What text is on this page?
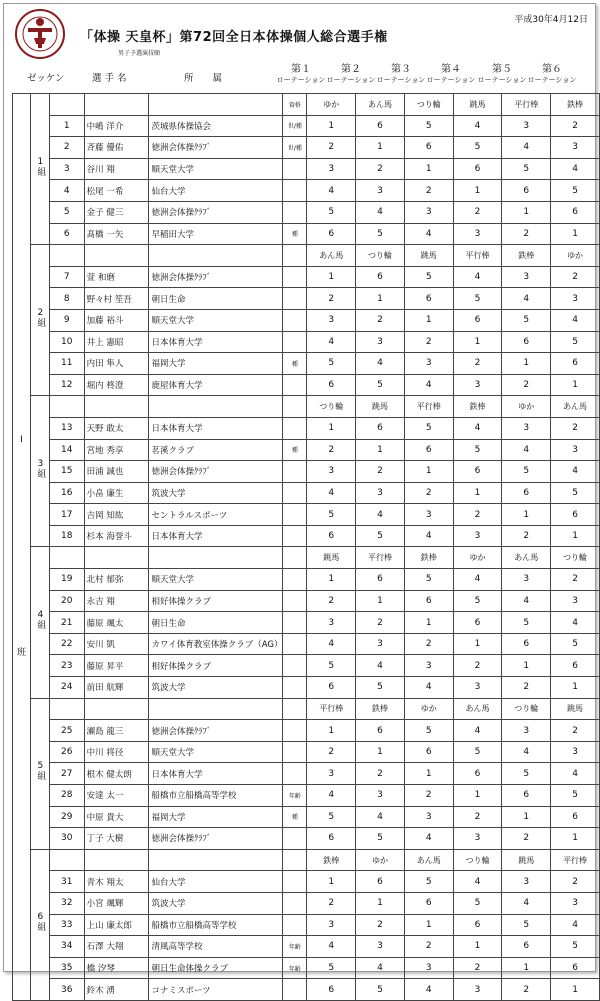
平成30年4月12日
「体操 天皇杯」第72回全日本体操個人総合選手権
男子予選演技順
ゼッケン	選 手 名	所　　属
第１
ローテーション
第２
ローテーション
第３
ローテーション
第４
ローテーション
第５
ローテーション
第６
ローテーション
Ⅰ
班	1組				資格	ゆか	あん馬	つり輪	跳馬	平行棒	鉄棒
		1	中嶋 洋介	茨城県体操協会	世/種	1	6	5	4	3	2
		2	斉藤 優佑	徳洲会体操ｸﾗﾌﾞ	世/種	2	1	6	5	4	3
		3	谷川 翔	順天堂大学		3	2	1	6	5	4
		4	松尾 一希	仙台大学		4	3	2	1	6	5
		5	金子 健三	徳洲会体操ｸﾗﾌﾞ		5	4	3	2	1	6
		6	髙橋 一矢	早稲田大学	種	6	5	4	3	2	1
	2組					あん馬	つり輪	跳馬	平行棒	鉄棒	ゆか
		7	萱 和磨	徳洲会体操ｸﾗﾌﾞ		1	6	5	4	3	2
		8	野々村 笙吾	朝日生命		2	1	6	5	4	3
		9	加藤 裕斗	順天堂大学		3	2	1	6	5	4
		10	井上 憲昭	日本体育大学		4	3	2	1	6	5
		11	内田 隼人	福岡大学	種	5	4	3	2	1	6
		12	堀内 柊澄	鹿屋体育大学		6	5	4	3	2	1
	3組					つり輪	跳馬	平行棒	鉄棒	ゆか	あん馬
		13	天野 敢太	日本体育大学		1	6	5	4	3	2
		14	宮地 秀享	茗溪クラブ	種	2	1	6	5	4	3
		15	田浦 誠也	徳洲会体操ｸﾗﾌﾞ		3	2	1	6	5	4
		16	小畠 廉生	筑波大学		4	3	2	1	6	5
		17	吉岡 知紘	セントラルスポーツ		5	4	3	2	1	6
		18	杉本 海誉斗	日本体育大学		6	5	4	3	2	1
	4組					跳馬	平行棒	鉄棒	ゆか	あん馬	つり輪
		19	北村 郁弥	順天堂大学		1	6	5	4	3	2
		20	永吉 翔	相好体操クラブ		2	1	6	5	4	3
		21	藤原 颯太	朝日生命		3	2	1	6	5	4
		22	安川 凱	カワイ体育教室体操クラブ（AG）		4	3	2	1	6	5
		23	藤原 昇平	相好体操クラブ		5	4	3	2	1	6
		24	前田 航輝	筑波大学		6	5	4	3	2	1
	5組					平行棒	鉄棒	ゆか	あん馬	つり輪	跳馬
		25	瀬島 龍三	徳洲会体操ｸﾗﾌﾞ		1	6	5	4	3	2
		26	中川 将径	順天堂大学		2	1	6	5	4	3
		27	根木 健太朗	日本体育大学		3	2	1	6	5	4
		28	安達 太一	船橋市立船橋高等学校	年齢	4	3	2	1	6	5
		29	中原 貴大	福岡大学	種	5	4	3	2	1	6
		30	丁子 大樹	徳洲会体操ｸﾗﾌﾞ		6	5	4	3	2	1
	6組					鉄棒	ゆか	あん馬	つり輪	跳馬	平行棒
		31	青木 翔太	仙台大学		1	6	5	4	3	2
		32	小宮 颯輝	筑波大学		2	1	6	5	4	3
		33	上山 廉太郎	船橋市立船橋高等学校		3	2	1	6	5	4
		34	石澤 大翔	清風高等学校	年齢	4	3	2	1	6	5
		35	橋 汐琴	朝日生命体操クラブ	年齢	5	4	3	2	1	6
		36	鈴木 湧	コナミスポーツ		6	5	4	3	2	1
